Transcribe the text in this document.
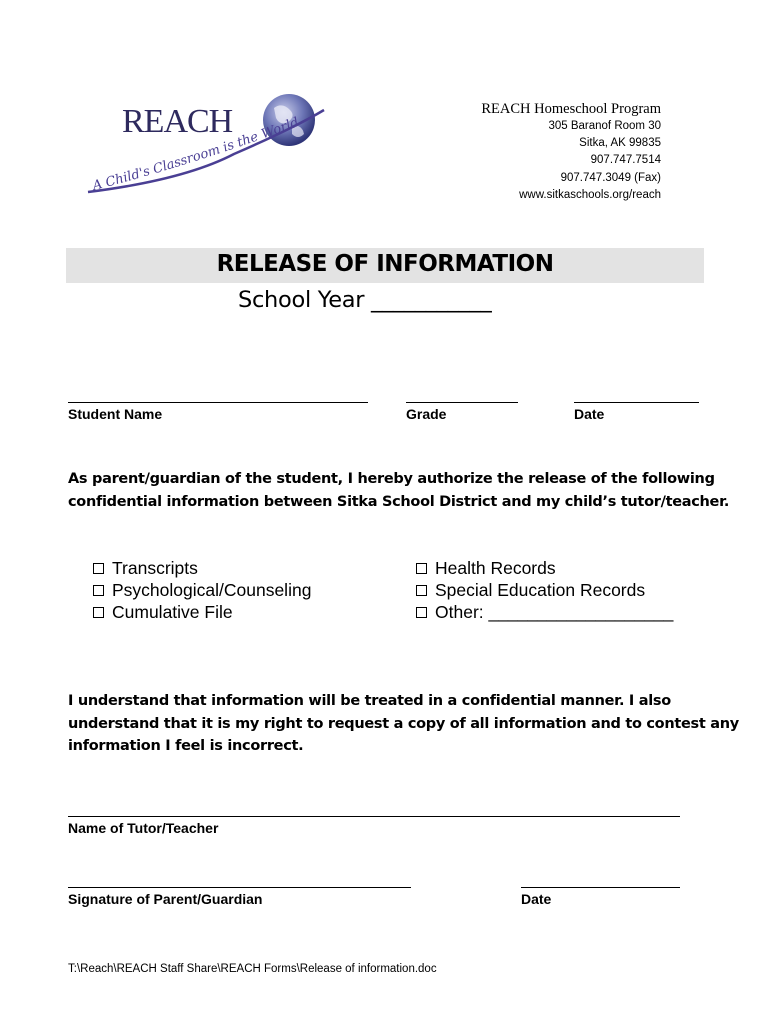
REACH
A Child's Classroom is the World
REACH Homeschool Program
305 Baranof Room 30
Sitka, AK 99835
907.747.7514
907.747.3049 (Fax)
www.sitkaschools.org/reach
RELEASE OF INFORMATION
School Year ___________
Student Name	Grade	Date
As parent/guardian of the student, I hereby authorize the release of the following
confidential information between Sitka School District and my child’s tutor/teacher.
Transcripts
Psychological/Counseling
Cumulative File
Health Records
Special Education Records
Other: ___________________
I understand that information will be treated in a confidential manner. I also
understand that it is my right to request a copy of all information and to contest any
information I feel is incorrect.
Name of Tutor/Teacher
Signature of Parent/Guardian	Date
T:\Reach\REACH Staff Share\REACH Forms\Release of information.doc
